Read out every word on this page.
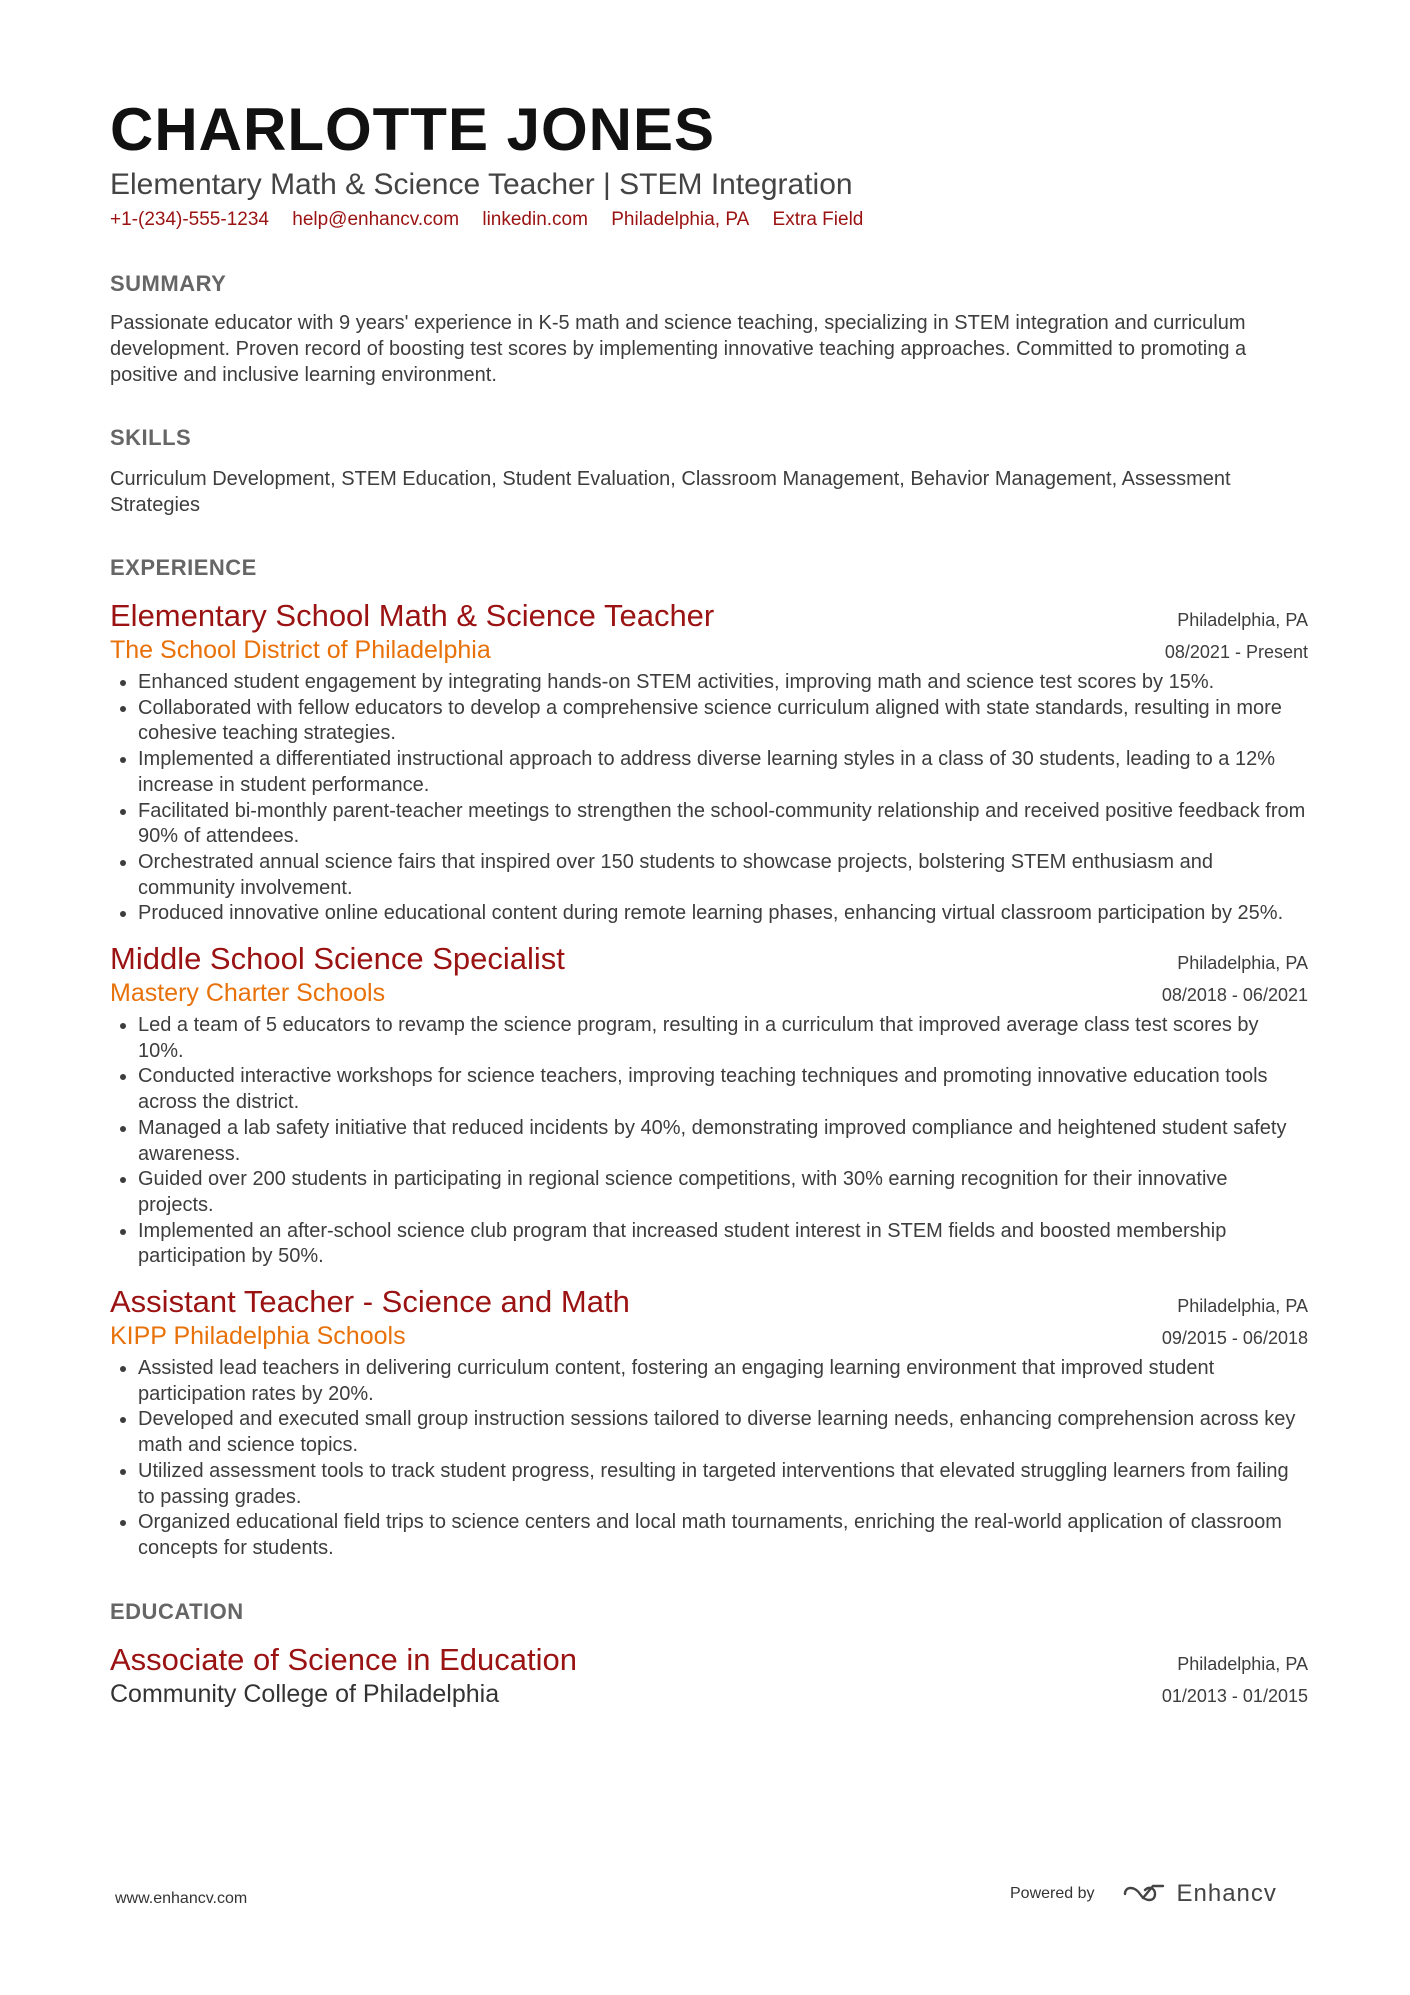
CHARLOTTE JONES
Elementary Math & Science Teacher | STEM Integration
+1-(234)-555-1234 help@enhancv.com linkedin.com Philadelphia, PA Extra Field
SUMMARY
Passionate educator with 9 years' experience in K-5 math and science teaching, specializing in STEM integration and curriculum development. Proven record of boosting test scores by implementing innovative teaching approaches. Committed to promoting a positive and inclusive learning environment.
SKILLS
Curriculum Development, STEM Education, Student Evaluation, Classroom Management, Behavior Management, Assessment Strategies
EXPERIENCE
Elementary School Math & Science Teacher	Philadelphia, PA
The School District of Philadelphia	08/2021 - Present
• Enhanced student engagement by integrating hands-on STEM activities, improving math and science test scores by 15%.
• Collaborated with fellow educators to develop a comprehensive science curriculum aligned with state standards, resulting in more cohesive teaching strategies.
• Implemented a differentiated instructional approach to address diverse learning styles in a class of 30 students, leading to a 12% increase in student performance.
• Facilitated bi-monthly parent-teacher meetings to strengthen the school-community relationship and received positive feedback from 90% of attendees.
• Orchestrated annual science fairs that inspired over 150 students to showcase projects, bolstering STEM enthusiasm and community involvement.
• Produced innovative online educational content during remote learning phases, enhancing virtual classroom participation by 25%.
Middle School Science Specialist	Philadelphia, PA
Mastery Charter Schools	08/2018 - 06/2021
• Led a team of 5 educators to revamp the science program, resulting in a curriculum that improved average class test scores by 10%.
• Conducted interactive workshops for science teachers, improving teaching techniques and promoting innovative education tools across the district.
• Managed a lab safety initiative that reduced incidents by 40%, demonstrating improved compliance and heightened student safety awareness.
• Guided over 200 students in participating in regional science competitions, with 30% earning recognition for their innovative projects.
• Implemented an after-school science club program that increased student interest in STEM fields and boosted membership participation by 50%.
Assistant Teacher - Science and Math	Philadelphia, PA
KIPP Philadelphia Schools	09/2015 - 06/2018
• Assisted lead teachers in delivering curriculum content, fostering an engaging learning environment that improved student participation rates by 20%.
• Developed and executed small group instruction sessions tailored to diverse learning needs, enhancing comprehension across key math and science topics.
• Utilized assessment tools to track student progress, resulting in targeted interventions that elevated struggling learners from failing to passing grades.
• Organized educational field trips to science centers and local math tournaments, enriching the real-world application of classroom concepts for students.
EDUCATION
Associate of Science in Education	Philadelphia, PA
Community College of Philadelphia	01/2013 - 01/2015
www.enhancv.com	Powered by	Enhancv
